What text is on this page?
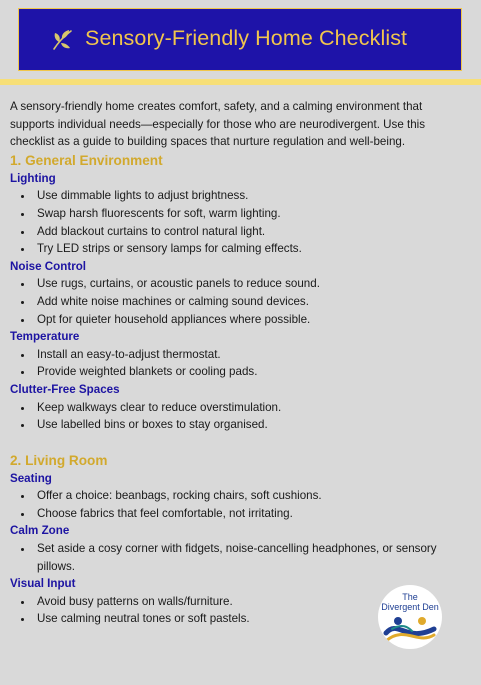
Sensory-Friendly Home Checklist

A sensory-friendly home creates comfort, safety, and a calming environment that supports individual needs—especially for those who are neurodivergent. Use this checklist as a guide to building spaces that nurture regulation and well-being.

1. General Environment

Lighting

• Use dimmable lights to adjust brightness.
• Swap harsh fluorescents for soft, warm lighting.
• Add blackout curtains to control natural light.
• Try LED strips or sensory lamps for calming effects.

Noise Control

• Use rugs, curtains, or acoustic panels to reduce sound.
• Add white noise machines or calming sound devices.
• Opt for quieter household appliances where possible.

Temperature

• Install an easy-to-adjust thermostat.
• Provide weighted blankets or cooling pads.

Clutter-Free Spaces

• Keep walkways clear to reduce overstimulation.
• Use labelled bins or boxes to stay organised.

2. Living Room

Seating

• Offer a choice: beanbags, rocking chairs, soft cushions.
• Choose fabrics that feel comfortable, not irritating.

Calm Zone

• Set aside a cosy corner with fidgets, noise-cancelling headphones, or sensory pillows.

Visual Input

• Avoid busy patterns on walls/furniture.
• Use calming neutral tones or soft pastels.
The
Divergent Den
